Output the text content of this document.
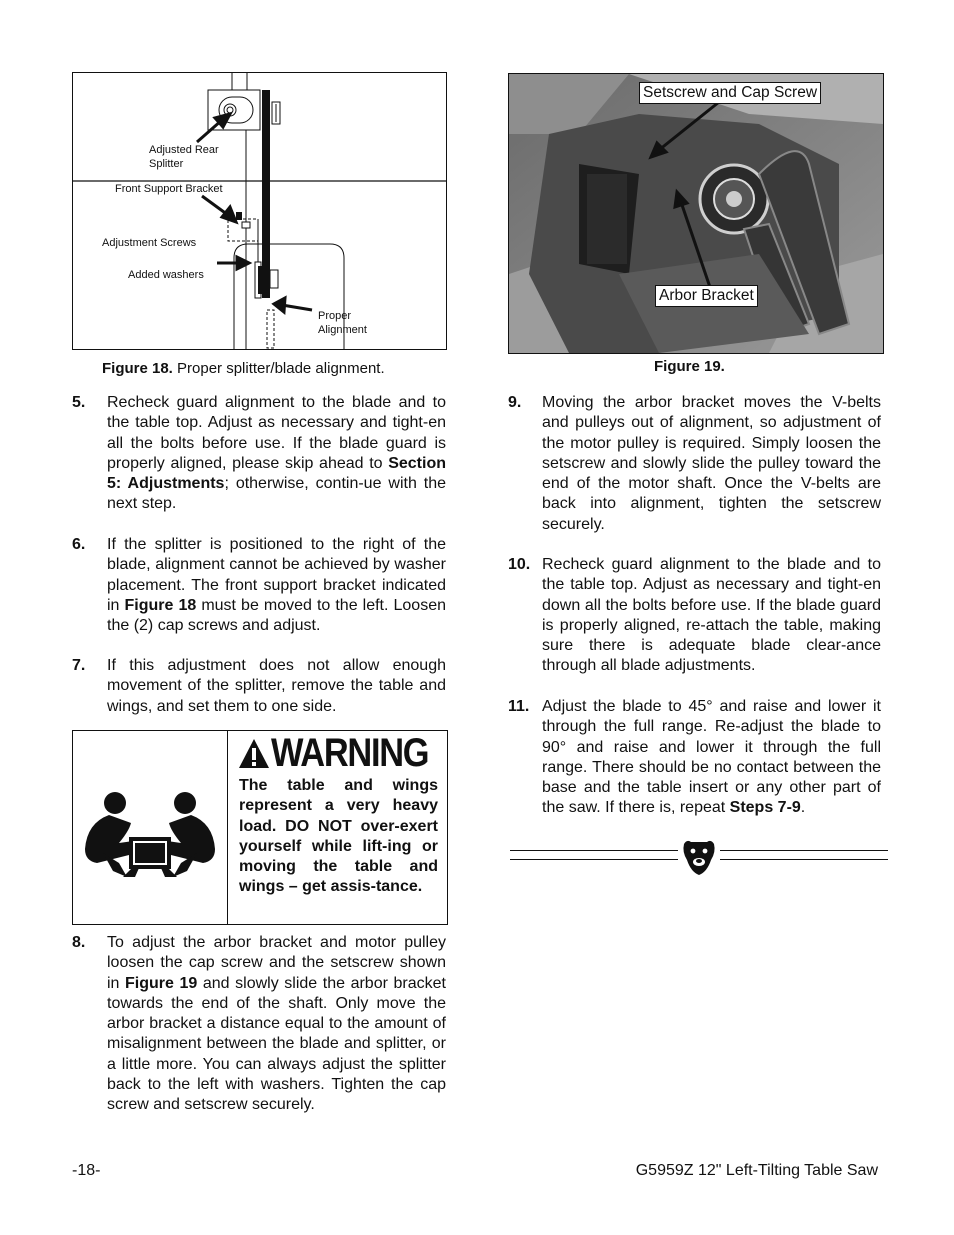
Adjusted Rear
Splitter
Front Support Bracket
Adjustment Screws
Added washers
Proper
Alignment
Figure 18. Proper splitter/blade alignment.
5. Recheck guard alignment to the blade and to the table top. Adjust as necessary and tight-en all the bolts before use. If the blade guard is properly aligned, please skip ahead to Section 5: Adjustments; otherwise, contin-ue with the next step.
6. If the splitter is positioned to the right of the blade, alignment cannot be achieved by washer placement. The front support bracket indicated in Figure 18 must be moved to the left. Loosen the (2) cap screws and adjust.
7. If this adjustment does not allow enough movement of the splitter, remove the table and wings, and set them to one side.
WARNING
The table and wings represent a very heavy load. DO NOT over-exert yourself while lift-ing or moving the table and wings – get assis-tance.
8. To adjust the arbor bracket and motor pulley loosen the cap screw and the setscrew shown in Figure 19 and slowly slide the arbor bracket towards the end of the shaft. Only move the arbor bracket a distance equal to the amount of misalignment between the blade and splitter, or a little more. You can always adjust the splitter back to the left with washers. Tighten the cap screw and setscrew securely.
Setscrew and Cap Screw
Arbor Bracket
Figure 19.
9. Moving the arbor bracket moves the V-belts and pulleys out of alignment, so adjustment of the motor pulley is required. Simply loosen the setscrew and slowly slide the pulley toward the end of the motor shaft. Once the V-belts are back into alignment, tighten the setscrew securely.
10. Recheck guard alignment to the blade and to the table top. Adjust as necessary and tight-en down all the bolts before use. If the blade guard is properly aligned, re-attach the table, making sure there is adequate blade clear-ance through all blade adjustments.
11. Adjust the blade to 45° and raise and lower it through the full range. Re-adjust the blade to 90° and raise and lower it through the full range. There should be no contact between the base and the table insert or any other part of the saw. If there is, repeat Steps 7-9.
-18-	G5959Z 12" Left-Tilting Table Saw
